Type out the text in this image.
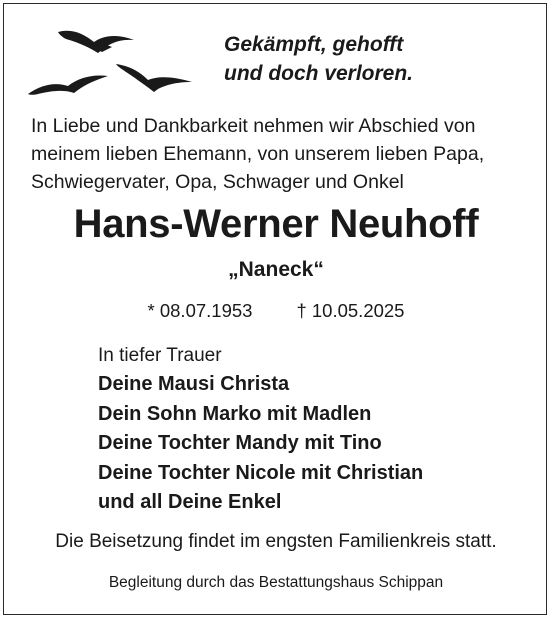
Gekämpft, gehofft
und doch verloren.
In Liebe und Dankbarkeit nehmen wir Abschied von
meinem lieben Ehemann, von unserem lieben Papa,
Schwiegervater, Opa, Schwager und Onkel
Hans-Werner Neuhoff
„Naneck“
* 08.07.1953 † 10.05.2025
In tiefer Trauer
Deine Mausi Christa
Dein Sohn Marko mit Madlen
Deine Tochter Mandy mit Tino
Deine Tochter Nicole mit Christian
und all Deine Enkel
Die Beisetzung findet im engsten Familienkreis statt.
Begleitung durch das Bestattungshaus Schippan
